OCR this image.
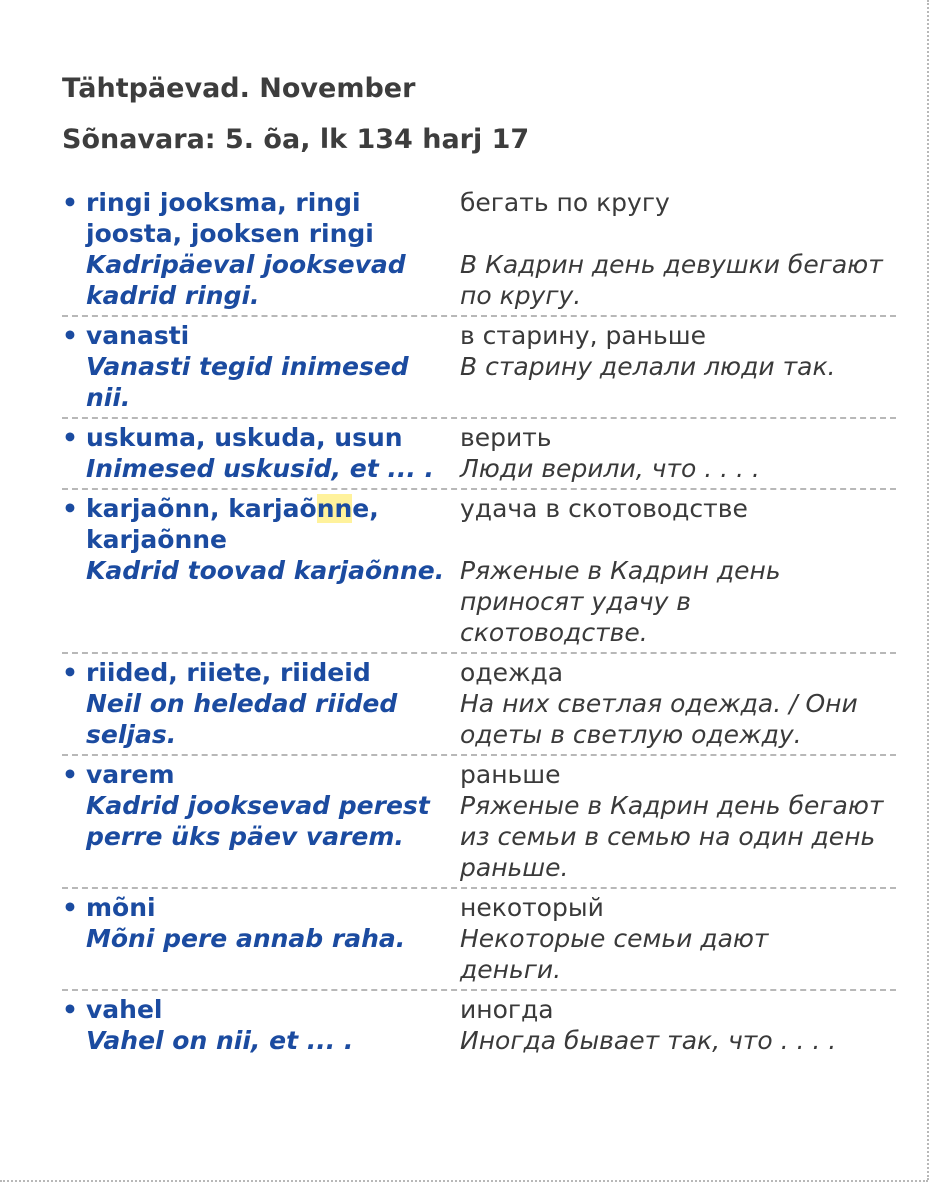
Tähtpäevad. November
Sõnavara: 5. õa, lk 134 harj 17
• ringi jooksma, ringi joosta, jooksen ringi
Kadripäeval jooksevad kadrid ringi.
бегать по кругу
В Кадрин день девушки бегают по кругу.
• vanasti
Vanasti tegid inimesed nii.
в старину, раньше
В старину делали люди так.
• uskuma, uskuda, usun
Inimesed uskusid, et ... .
верить
Люди верили, что . . . .
• karjaõnn, karjaõnne, karjaõnne
Kadrid toovad karjaõnne.
удача в скотоводстве
Ряженые в Кадрин день приносят удачу в скотоводстве.
• riided, riiete, riideid
Neil on heledad riided seljas.
одежда
На них светлая одежда. / Они одеты в светлую одежду.
• varem
Kadrid jooksevad perest perre üks päev varem.
раньше
Ряженые в Кадрин день бегают из семьи в семью на один день раньше.
• mõni
Mõni pere annab raha.
некоторый
Некоторые семьи дают деньги.
• vahel
Vahel on nii, et ... .
иногда
Иногда бывает так, что . . . .
